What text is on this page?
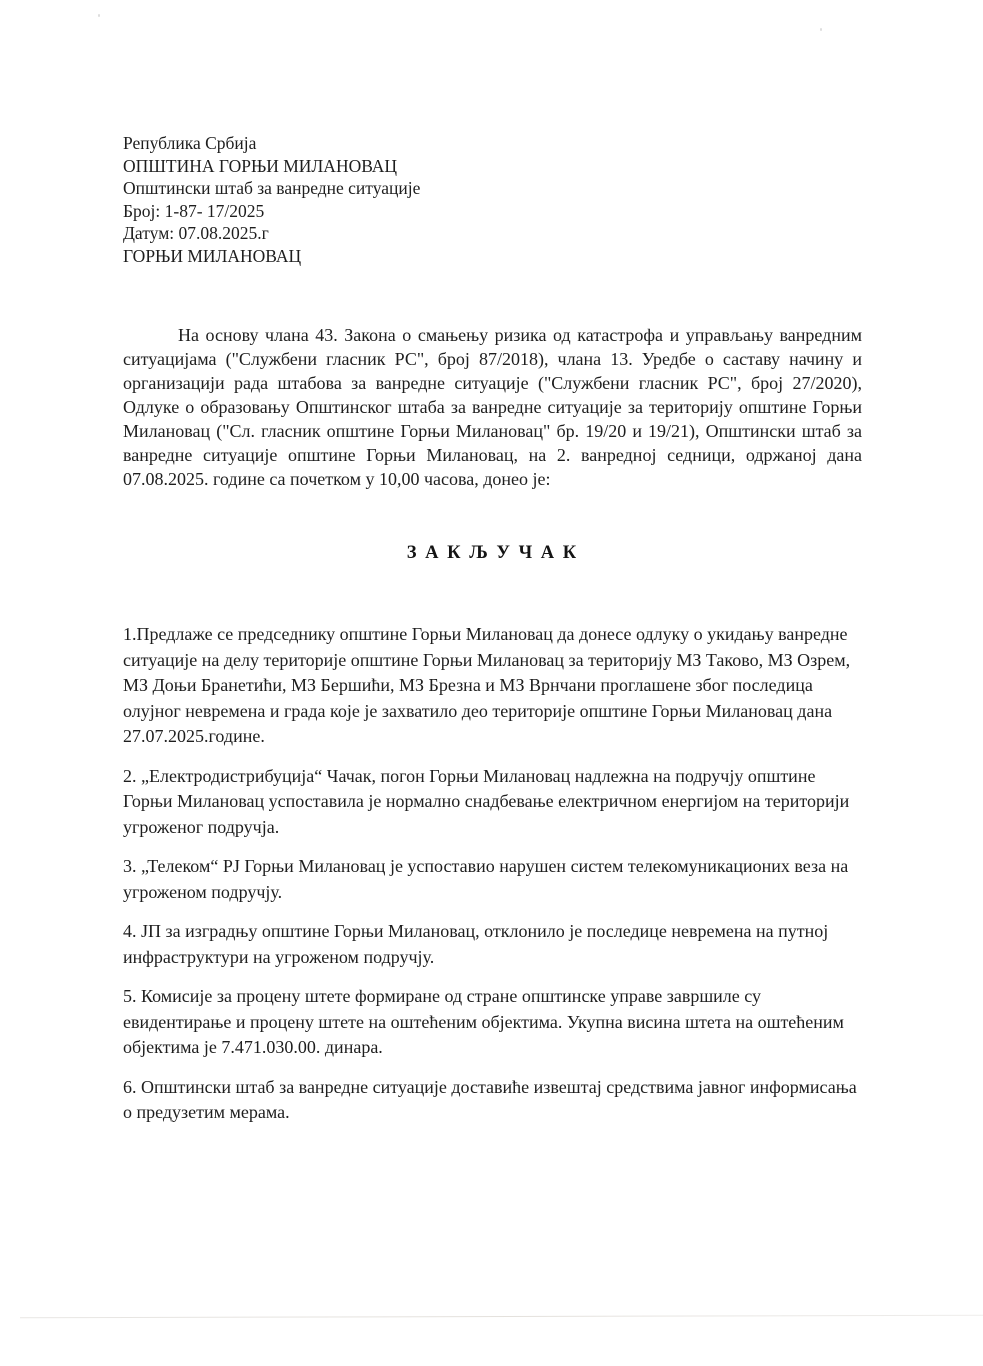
Република Србија
ОПШТИНА ГОРЊИ МИЛАНОВАЦ
Општински штаб за ванредне ситуације
Број: 1-87- 17/2025
Датум: 07.08.2025.г
ГОРЊИ МИЛАНОВАЦ

На основу члана 43. Закона о смањењу ризика од катастрофа и управљању ванредним ситуацијама ("Службени гласник РС", број 87/2018), члана 13. Уредбе о саставу начину и организацији рада штабова за ванредне ситуације ("Службени гласник РС", број 27/2020), Одлуке о образовању Општинског штаба за ванредне ситуације за територију општине Горњи Милановац ("Сл. гласник општине Горњи Милановац" бр. 19/20 и 19/21), Општински штаб за ванредне ситуације општине Горњи Милановац, на 2. ванредној седници, одржаној дана 07.08.2025. године са почетком у 10,00 часова, донео је:

З А К Љ У Ч А К

1.Предлаже се председнику општине Горњи Милановац да донесе одлуку о укидању ванредне ситуације на делу територије општине Горњи Милановац за територију МЗ Таково, МЗ Озрем, МЗ Доњи Бранетићи, МЗ Бершићи, МЗ Брезна и МЗ Врнчани проглашене због последица олујног невремена и града које је захватило део територије општине Горњи Милановац дана 27.07.2025.године.

2. „Електродистрибуција“ Чачак, погон Горњи Милановац надлежна на подручју општине Горњи Милановац успоставила је нормално снадбевање електричном енергијом на територији угроженог подручја.

3. „Телеком“ РЈ Горњи Милановац је успоставио нарушен систем телекомуникационих веза на угроженом подручју.

4. ЈП за изградњу општине Горњи Милановац, отклонило је последице невремена на путној инфраструктури на угроженом подручју.

5. Комисије за процену штете формиране од стране општинске управе завршиле су евидентирање и процену штете на оштећеним објектима. Укупна висина штета на оштећеним објектима је 7.471.030.00. динара.

6. Општински штаб за ванредне ситуације доставиће извештај средствима јавног информисања о предузетим мерама.
